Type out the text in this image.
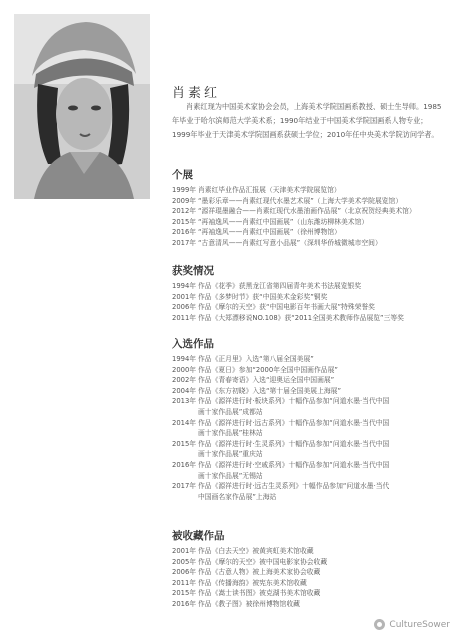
肖素红
肖素红现为中国美术家协会会员，上海美术学院国画系教授、硕士生导师。1985年毕业于哈尔滨师范大学美术系；1990年结业于中国美术学院国画系人物专业；1999年毕业于天津美术学院国画系获硕士学位；2010年任中央美术学院访问学者。
个展
1999年 肖素红毕业作品汇报展（天津美术学院展览馆）
2009年 “墨彩乐章——肖素红现代水墨艺术展”（上海大学美术学院展览馆）
2012年 “源祥琨墨融合——肖素红现代水墨油画作品展”（北京祝贺经典美术馆）
2015年 “再袖逸风——肖素红中国画展”（山东潍坊柳林美术馆）
2016年 “再袖逸风——肖素红中国画展”（徐州博物馆）
2017年 “古意清风——肖素红写意小品展”（深圳华侨城微城市空间）
获奖情况
1994年 作品《花季》获黑龙江省第四届青年美术书法展览银奖
2001年 作品《多梦时节》获“中国美术金彩奖”铜奖
2006年 作品《摩尔的天空》获“中国电影百年书画大展”特殊荣誉奖
2011年 作品《大郑漂移说NO.108》获“2011全国美术教师作品展览”三等奖
入选作品
1994年 作品《正月里》入选“第八届全国美展”
2000年 作品《夏日》参加“2000年全国中国画作品展”
2002年 作品《青春寄语》入选“迎奥运全国中国画展”
2004年 作品《东方初晓》入选“第十届全国美展上海展”
2013年 作品《源祥进行时·板块系列》十幅作品参加“问道水墨·当代中国
画十家作品展”成都站
2014年 作品《源祥进行时·远古系列》十幅作品参加“问道水墨·当代中国
画十家作品展”桂林站
2015年 作品《源祥进行时·生灵系列》十幅作品参加“问道水墨·当代中国
画十家作品展”重庆站
2016年 作品《源祥进行时·空戚系列》十幅作品参加“问道水墨·当代中国
画十家作品展”无锡站
2017年 作品《源祥进行时·远古生灵系列》十幅作品参加“问道水墨·当代
中国画名家作品展”上海站
被收藏作品
2001年 作品《白去天空》被黄宾虹美术馆收藏
2005年 作品《摩尔的天空》被中国电影家协会收藏
2006年 作品《古意人物》被上海美术家协会收藏
2011年 作品《传播海韵》被宪东美术馆收藏
2015年 作品《嵩士读书图》被克湖书美术馆收藏
2016年 作品《教子图》被徐州博物馆收藏
CultureSower
